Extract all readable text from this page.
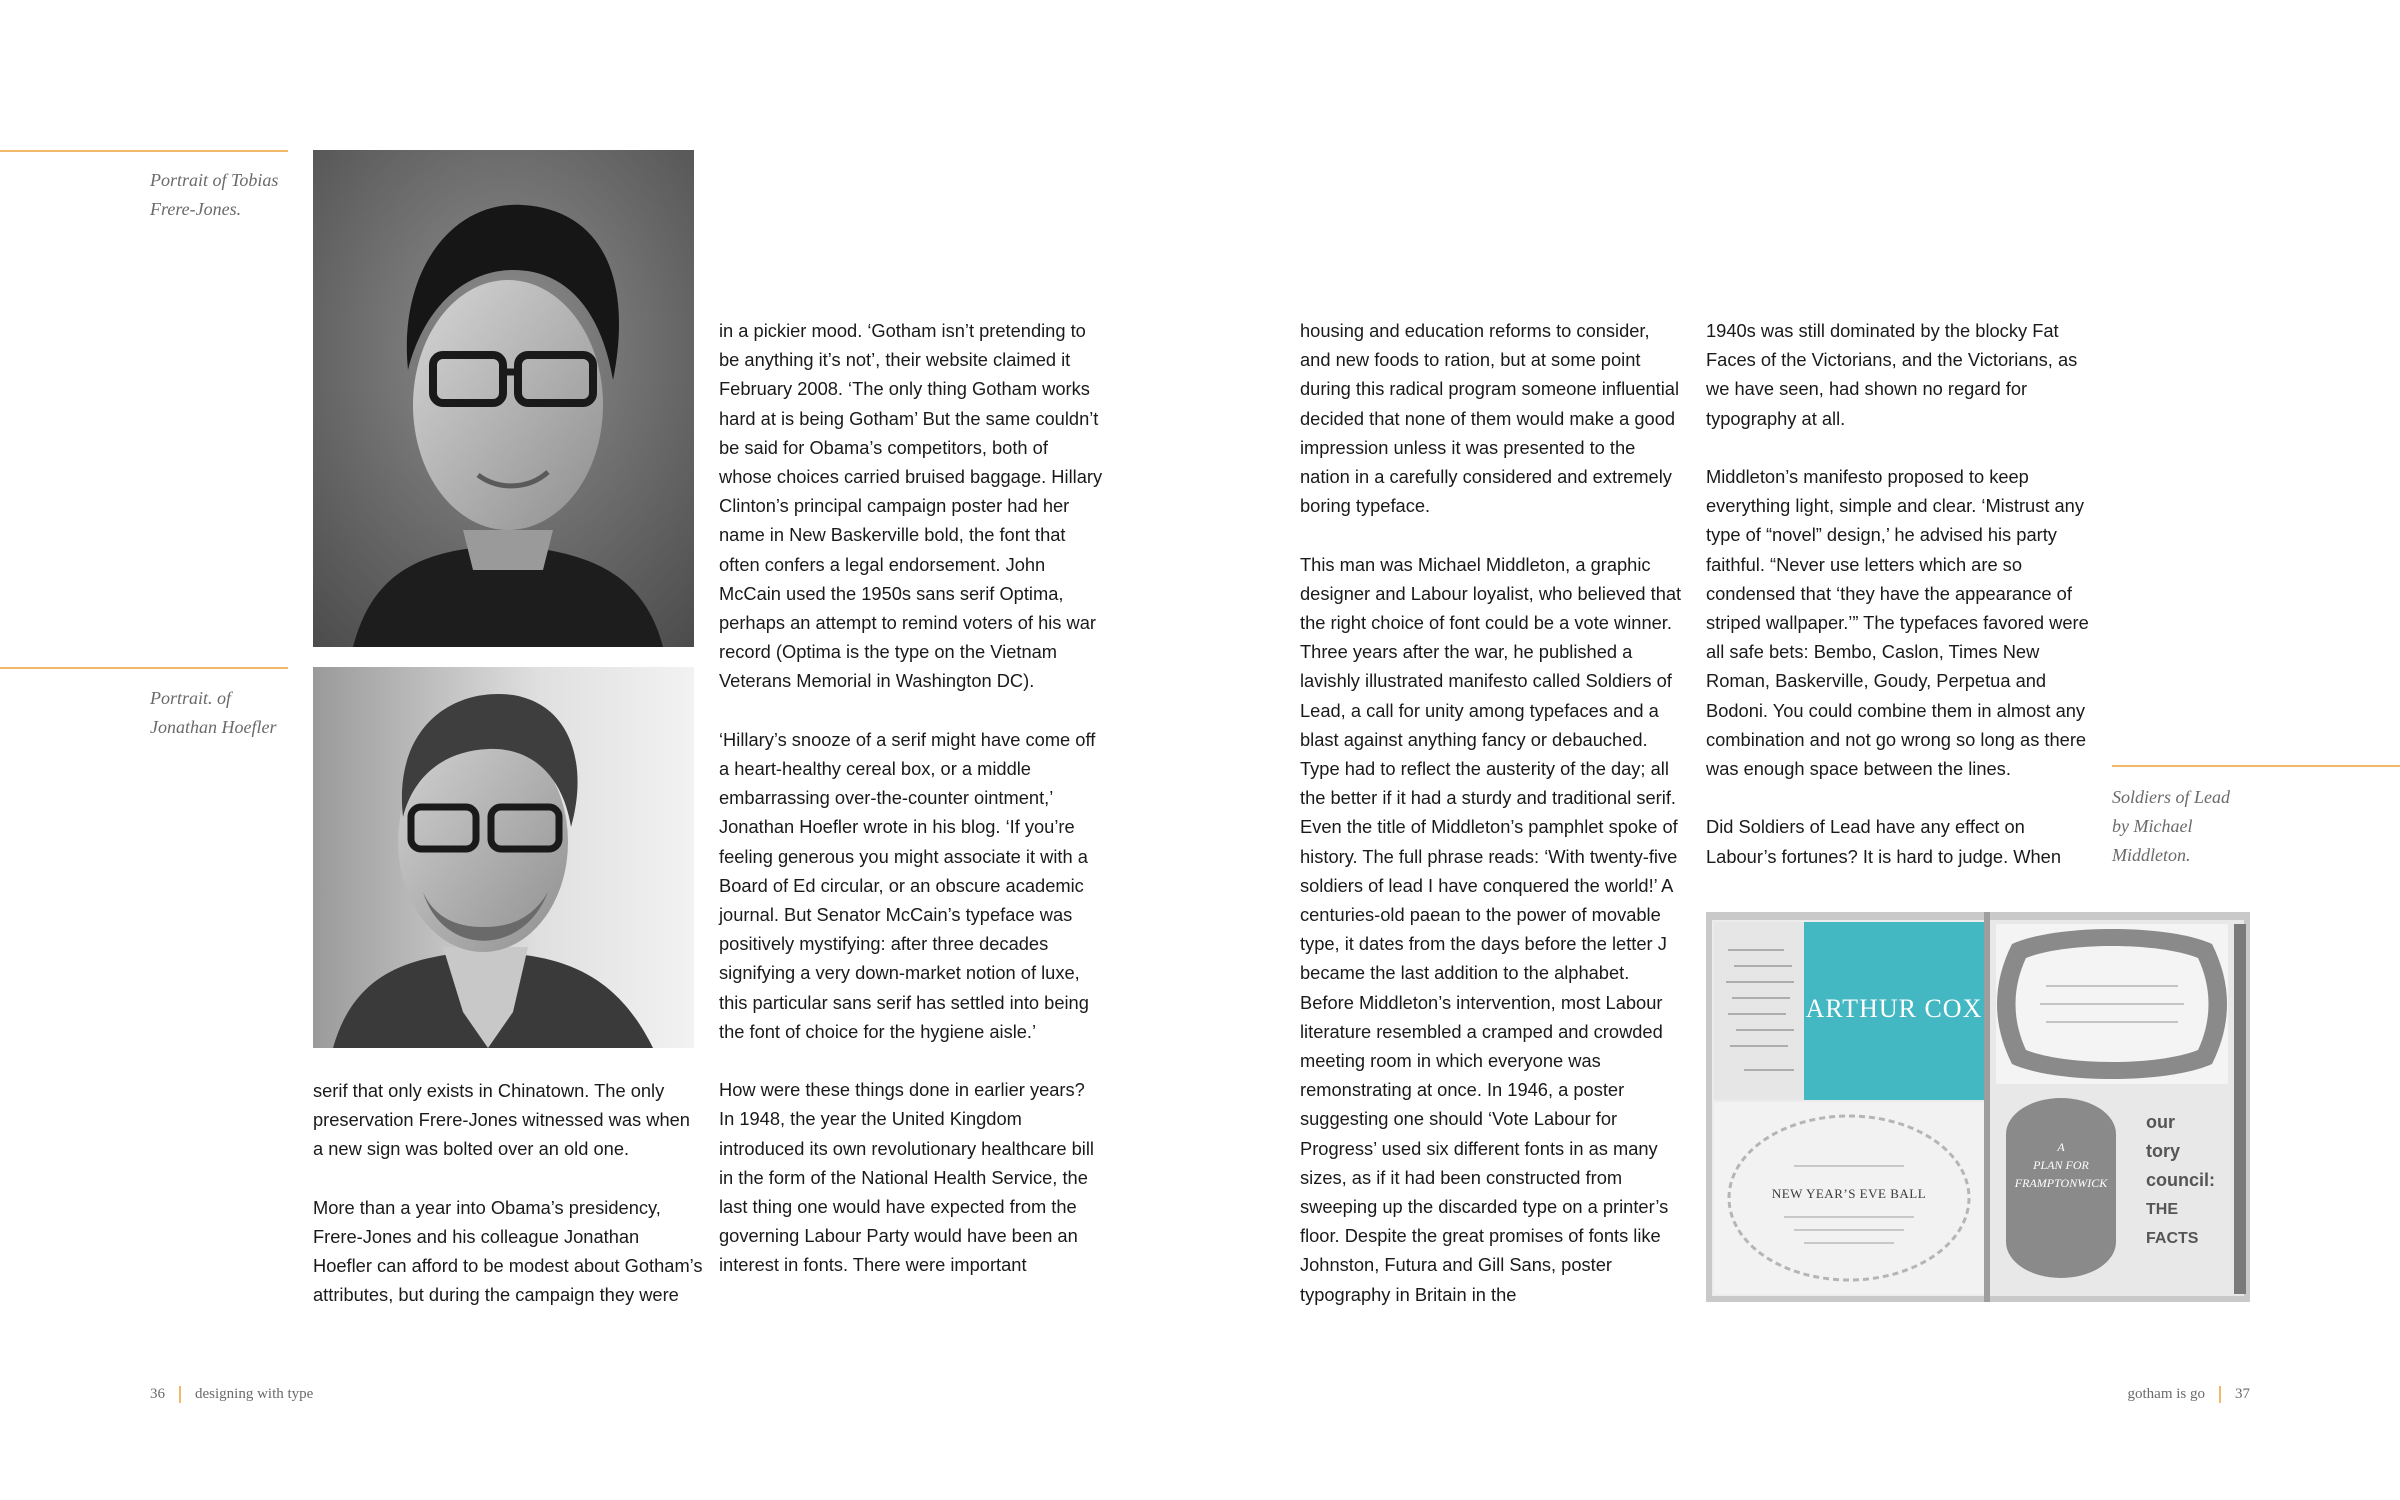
Portrait of Tobias
Frere-Jones.
Portrait. of
Jonathan Hoefler
Soldiers of Lead
by Michael
Middleton.

serif that only exists in Chinatown. The only preservation Frere-Jones witnessed was when a new sign was bolted over an old one.

More than a year into Obama’s presidency, Frere-Jones and his colleague Jonathan Hoefler can afford to be modest about Gotham’s attributes, but during the campaign they were

in a pickier mood. ‘Gotham isn’t pretending to be anything it’s not’, their website claimed it February 2008. ‘The only thing Gotham works hard at is being Gotham’ But the same couldn’t be said for Obama’s competitors, both of whose choices carried bruised baggage. Hillary Clinton’s principal campaign poster had her name in New Baskerville bold, the font that often confers a legal endorsement. John McCain used the 1950s sans serif Optima, perhaps an attempt to remind voters of his war record (Optima is the type on the Vietnam Veterans Memorial in Washington DC).

‘Hillary’s snooze of a serif might have come off a heart-healthy cereal box, or a middle embarrassing over-the-counter ointment,’ Jonathan Hoefler wrote in his blog. ‘If you’re feeling generous you might associate it with a Board of Ed circular, or an obscure academic journal. But Senator McCain’s typeface was positively mystifying: after three decades signifying a very down-market notion of luxe, this particular sans serif has settled into being the font of choice for the hygiene aisle.’

How were these things done in earlier years? In 1948, the year the United Kingdom introduced its own revolutionary healthcare bill in the form of the National Health Service, the last thing one would have expected from the governing Labour Party would have been an interest in fonts. There were important

housing and education reforms to consider, and new foods to ration, but at some point during this radical program someone influential decided that none of them would make a good impression unless it was presented to the nation in a carefully considered and extremely boring typeface.

This man was Michael Middleton, a graphic designer and Labour loyalist, who believed that the right choice of font could be a vote winner. Three years after the war, he published a lavishly illustrated manifesto called Soldiers of Lead, a call for unity among typefaces and a blast against anything fancy or debauched. Type had to reflect the austerity of the day; all the better if it had a sturdy and traditional serif. Even the title of Middleton’s pamphlet spoke of history. The full phrase reads: ‘With twenty-five soldiers of lead I have conquered the world!’ A centuries-old paean to the power of movable type, it dates from the days before the letter J became the last addition to the alphabet. Before Middleton’s intervention, most Labour literature resembled a cramped and crowded meeting room in which everyone was remonstrating at once. In 1946, a poster suggesting one should ‘Vote Labour for Progress’ used six different fonts in as many sizes, as if it had been constructed from sweeping up the discarded type on a printer’s floor. Despite the great promises of fonts like Johnston, Futura and Gill Sans, poster typography in Britain in the

1940s was still dominated by the blocky Fat Faces of the Victorians, and the Victorians, as we have seen, had shown no regard for typography at all.

Middleton’s manifesto proposed to keep everything light, simple and clear. ‘Mistrust any type of “novel” design,’ he advised his party faithful. “Never use letters which are so condensed that ‘they have the appearance of striped wallpaper.’” The typefaces favored were all safe bets: Bembo, Caslon, Times New Roman, Baskerville, Goudy, Perpetua and Bodoni. You could combine them in almost any combination and not go wrong so long as there was enough space between the lines.

Did Soldiers of Lead have any effect on Labour’s fortunes? It is hard to judge. When

ARTHUR COX
NEW YEAR’S EVE BALL
A
PLAN FOR
FRAMPTONWICK
our
tory
council:
THE
FACTS
36 designing with type	gotham is go 37
